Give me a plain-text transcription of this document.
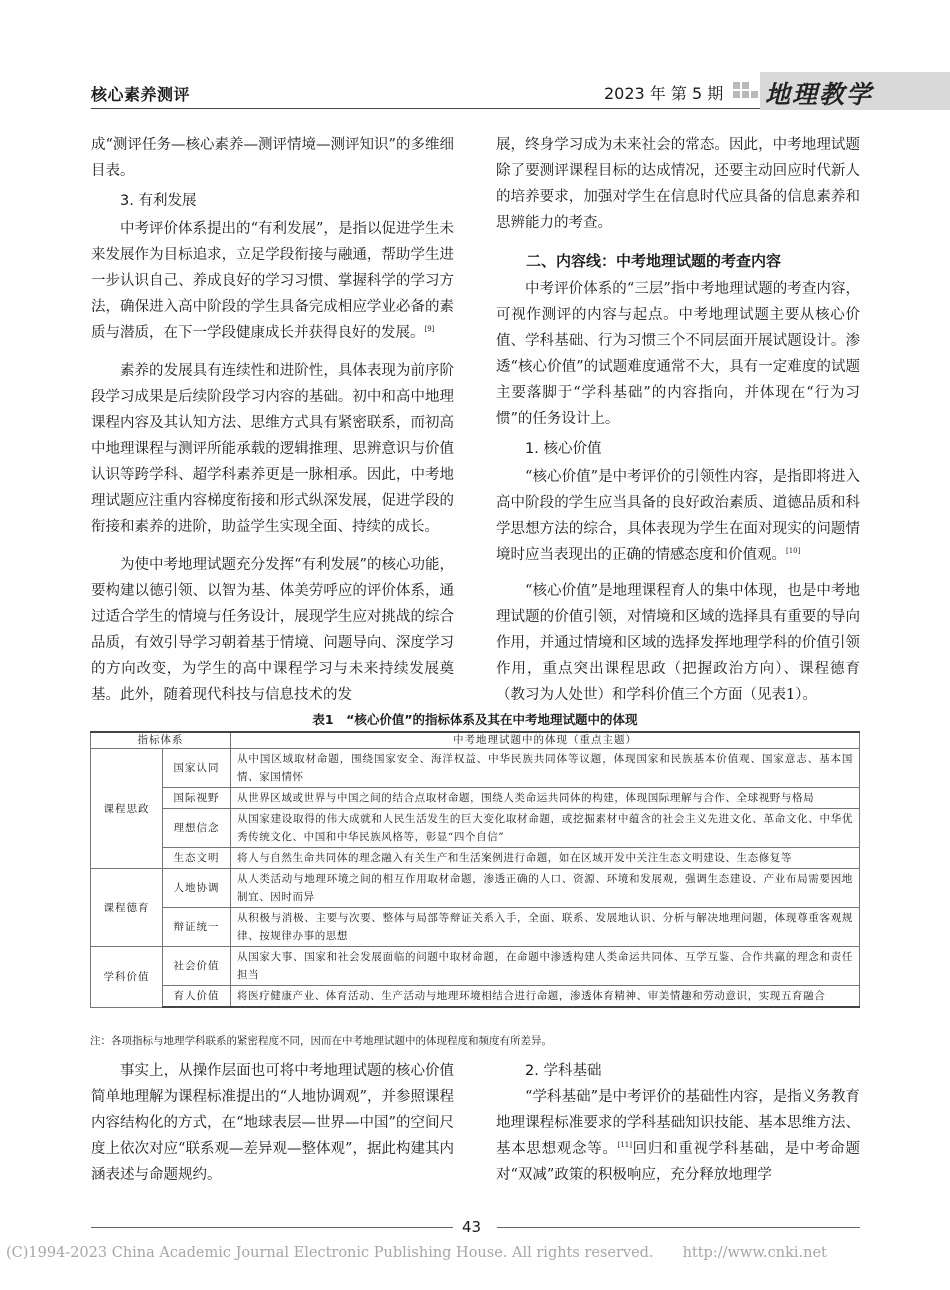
核心素养测评	2023 年 第 5 期 地理教学

成“测评任务—核心素养—测评情境—测评知识”的多维细目表。

3. 有利发展

中考评价体系提出的“有利发展”，是指以促进学生未来发展作为目标追求，立足学段衔接与融通，帮助学生进一步认识自己、养成良好的学习习惯、掌握科学的学习方法，确保进入高中阶段的学生具备完成相应学业必备的素质与潜质，在下一学段健康成长并获得良好的发展。[9]

素养的发展具有连续性和进阶性，具体表现为前序阶段学习成果是后续阶段学习内容的基础。初中和高中地理课程内容及其认知方法、思维方式具有紧密联系，而初高中地理课程与测评所能承载的逻辑推理、思辨意识与价值认识等跨学科、超学科素养更是一脉相承。因此，中考地理试题应注重内容梯度衔接和形式纵深发展，促进学段的衔接和素养的进阶，助益学生实现全面、持续的成长。

为使中考地理试题充分发挥“有利发展”的核心功能，要构建以德引领、以智为基、体美劳呼应的评价体系，通过适合学生的情境与任务设计，展现学生应对挑战的综合品质，有效引导学习朝着基于情境、问题导向、深度学习的方向改变，为学生的高中课程学习与未来持续发展奠基。此外，随着现代科技与信息技术的发

展，终身学习成为未来社会的常态。因此，中考地理试题除了要测评课程目标的达成情况，还要主动回应时代新人的培养要求，加强对学生在信息时代应具备的信息素养和思辨能力的考查。

二、内容线：中考地理试题的考查内容

中考评价体系的“三层”指中考地理试题的考查内容，可视作测评的内容与起点。中考地理试题主要从核心价值、学科基础、行为习惯三个不同层面开展试题设计。渗透“核心价值”的试题难度通常不大，具有一定难度的试题主要落脚于“学科基础”的内容指向，并体现在“行为习惯”的任务设计上。

1. 核心价值

“核心价值”是中考评价的引领性内容，是指即将进入高中阶段的学生应当具备的良好政治素质、道德品质和科学思想方法的综合，具体表现为学生在面对现实的问题情境时应当表现出的正确的情感态度和价值观。[10]

“核心价值”是地理课程育人的集中体现，也是中考地理试题的价值引领，对情境和区域的选择具有重要的导向作用，并通过情境和区域的选择发挥地理学科的价值引领作用，重点突出课程思政（把握政治方向）、课程德育（教习为人处世）和学科价值三个方面（见表1）。

表1　“核心价值”的指标体系及其在中考地理试题中的体现
指标体系		中考地理试题中的体现（重点主题）
课程思政	国家认同	从中国区域取材命题，围绕国家安全、海洋权益、中华民族共同体等议题，体现国家和民族基本价值观、国家意志、基本国情、家国情怀
	国际视野	从世界区域或世界与中国之间的结合点取材命题，围绕人类命运共同体的构建，体现国际理解与合作、全球视野与格局
	理想信念	从国家建设取得的伟大成就和人民生活发生的巨大变化取材命题，或挖掘素材中蕴含的社会主义先进文化、革命文化、中华优秀传统文化、中国和中华民族风格等，彰显“四个自信”
	生态文明	将人与自然生命共同体的理念融入有关生产和生活案例进行命题，如在区域开发中关注生态文明建设、生态修复等
课程德育	人地协调	从人类活动与地理环境之间的相互作用取材命题，渗透正确的人口、资源、环境和发展观，强调生态建设、产业布局需要因地制宜、因时而异
	辩证统一	从积极与消极、主要与次要、整体与局部等辩证关系入手，全面、联系、发展地认识、分析与解决地理问题，体现尊重客观规律、按规律办事的思想
学科价值	社会价值	从国家大事、国家和社会发展面临的问题中取材命题，在命题中渗透构建人类命运共同体、互学互鉴、合作共赢的理念和责任担当
	育人价值	将医疗健康产业、体育活动、生产活动与地理环境相结合进行命题，渗透体育精神、审美情趣和劳动意识，实现五育融合
注：各项指标与地理学科联系的紧密程度不同，因而在中考地理试题中的体现程度和频度有所差异。

事实上，从操作层面也可将中考地理试题的核心价值简单地理解为课程标准提出的“人地协调观”，并参照课程内容结构化的方式，在“地球表层—世界—中国”的空间尺度上依次对应“联系观—差异观—整体观”，据此构建其内涵表述与命题规约。

2. 学科基础

“学科基础”是中考评价的基础性内容，是指义务教育地理课程标准要求的学科基础知识技能、基本思维方法、基本思想观念等。[11]回归和重视学科基础，是中考命题对“双减”政策的积极响应，充分释放地理学

43
(C)1994-2023 China Academic Journal Electronic Publishing House. All rights reserved.　　http://www.cnki.net
